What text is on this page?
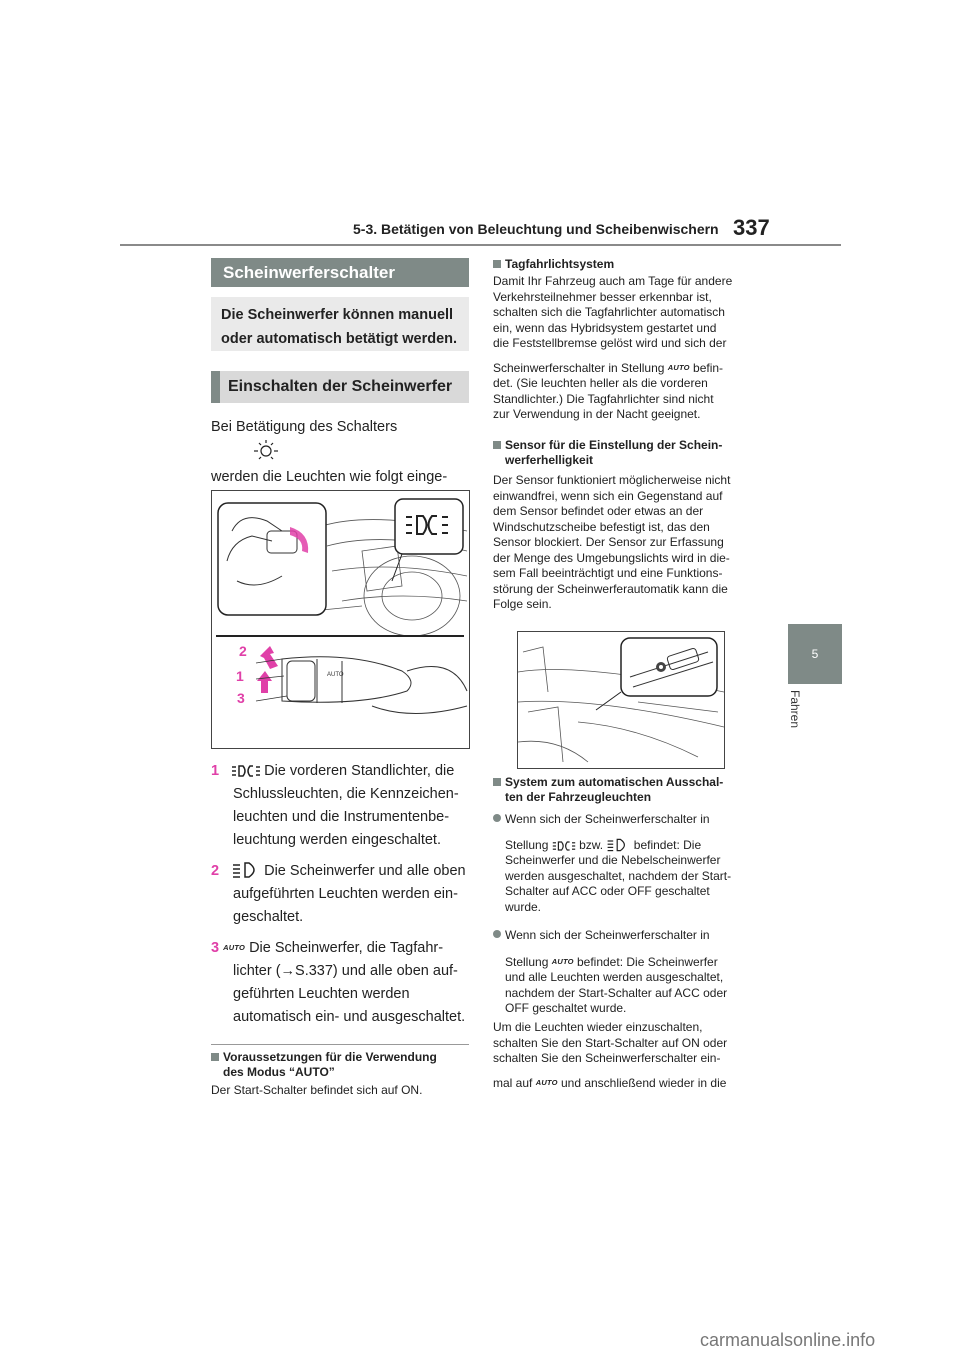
5-3. Betätigen von Beleuchtung und Scheibenwischern 337
5
Fahren
Scheinwerferschalter
Die Scheinwerfer können manuell
oder automatisch betätigt werden.
Einschalten der Scheinwerfer
Bei Betätigung des Schalters
werden die Leuchten wie folgt einge-
AUTO
2
1
3
1	Die vorderen Standlichter, die
Schlussleuchten, die Kennzeichen-
leuchten und die Instrumentenbe-
leuchtung werden eingeschaltet.
2	Die Scheinwerfer und alle oben
aufgeführten Leuchten werden ein-
geschaltet.
3 AUTO Die Scheinwerfer, die Tagfahr-
lichter (→S.337) und alle oben auf-
geführten Leuchten werden
automatisch ein- und ausgeschaltet.
Voraussetzungen für die Verwendung
des Modus “AUTO”
Der Start-Schalter befindet sich auf ON.
Tagfahrlichtsystem
Damit Ihr Fahrzeug auch am Tage für andere
Verkehrsteilnehmer besser erkennbar ist,
schalten sich die Tagfahrlichter automatisch
ein, wenn das Hybridsystem gestartet und
die Feststellbremse gelöst wird und sich der
Scheinwerferschalter in Stellung AUTO befin-
det. (Sie leuchten heller als die vorderen
Standlichter.) Die Tagfahrlichter sind nicht
zur Verwendung in der Nacht geeignet.
Sensor für die Einstellung der Schein-
werferhelligkeit
Der Sensor funktioniert möglicherweise nicht
einwandfrei, wenn sich ein Gegenstand auf
dem Sensor befindet oder etwas an der
Windschutzscheibe befestigt ist, das den
Sensor blockiert. Der Sensor zur Erfassung
der Menge des Umgebungslichts wird in die-
sem Fall beeinträchtigt und eine Funktions-
störung der Scheinwerferautomatik kann die
Folge sein.
System zum automatischen Ausschal-
ten der Fahrzeugleuchten
Wenn sich der Scheinwerferschalter in
Stellung	bzw.	befindet: Die
Scheinwerfer und die Nebelscheinwerfer
werden ausgeschaltet, nachdem der Start-
Schalter auf ACC oder OFF geschaltet
wurde.
Wenn sich der Scheinwerferschalter in
Stellung AUTO befindet: Die Scheinwerfer
und alle Leuchten werden ausgeschaltet,
nachdem der Start-Schalter auf ACC oder
OFF geschaltet wurde.
Um die Leuchten wieder einzuschalten,
schalten Sie den Start-Schalter auf ON oder
schalten Sie den Scheinwerferschalter ein-
mal auf AUTO und anschließend wieder in die
carmanualsonline.info
